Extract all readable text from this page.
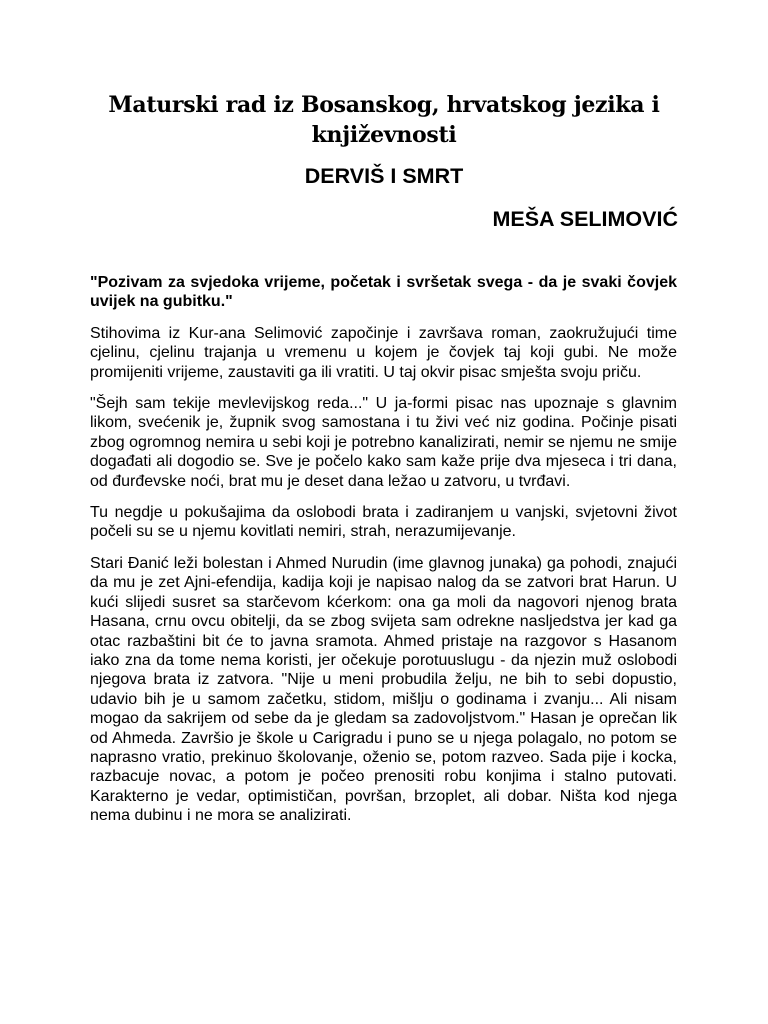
Maturski rad iz Bosanskog, hrvatskog jezika i književnosti
DERVIŠ I SMRT
MEŠA SELIMOVIĆ

"Pozivam za svjedoka vrijeme, početak i svršetak svega - da je svaki čovjek uvijek na gubitku."

Stihovima iz Kur-ana Selimović započinje i završava roman, zaokružujući time cjelinu, cjelinu trajanja u vremenu u kojem je čovjek taj koji gubi. Ne može promijeniti vrijeme, zaustaviti ga ili vratiti. U taj okvir pisac smješta svoju priču.

"Šejh sam tekije mevlevijskog reda..." U ja-formi pisac nas upoznaje s glavnim likom, svećenik je, župnik svog samostana i tu živi već niz godina. Počinje pisati zbog ogromnog nemira u sebi koji je potrebno kanalizirati, nemir se njemu ne smije događati ali dogodio se. Sve je počelo kako sam kaže prije dva mjeseca i tri dana, od đurđevske noći, brat mu je deset dana ležao u zatvoru, u tvrđavi.

Tu negdje u pokušajima da oslobodi brata i zadiranjem u vanjski, svjetovni život počeli su se u njemu kovitlati nemiri, strah, nerazumijevanje.

Stari Đanić leži bolestan i Ahmed Nurudin (ime glavnog junaka) ga pohodi, znajući da mu je zet Ajni-efendija, kadija koji je napisao nalog da se zatvori brat Harun. U kući slijedi susret sa starčevom kćerkom: ona ga moli da nagovori njenog brata Hasana, crnu ovcu obitelji, da se zbog svijeta sam odrekne nasljedstva jer kad ga otac razbaštini bit će to javna sramota. Ahmed pristaje na razgovor s Hasanom iako zna da tome nema koristi, jer očekuje porotuuslugu - da njezin muž oslobodi njegova brata iz zatvora. "Nije u meni probudila želju, ne bih to sebi dopustio, udavio bih je u samom začetku, stidom, mišlju o godinama i zvanju... Ali nisam mogao da sakrijem od sebe da je gledam sa zadovoljstvom." Hasan je oprečan lik od Ahmeda. Završio je škole u Carigradu i puno se u njega polagalo, no potom se naprasno vratio, prekinuo školovanje, oženio se, potom razveo. Sada pije i kocka, razbacuje novac, a potom je počeo prenositi robu konjima i stalno putovati. Karakterno je vedar, optimističan, površan, brzoplet, ali dobar. Ništa kod njega nema dubinu i ne mora se analizirati.
